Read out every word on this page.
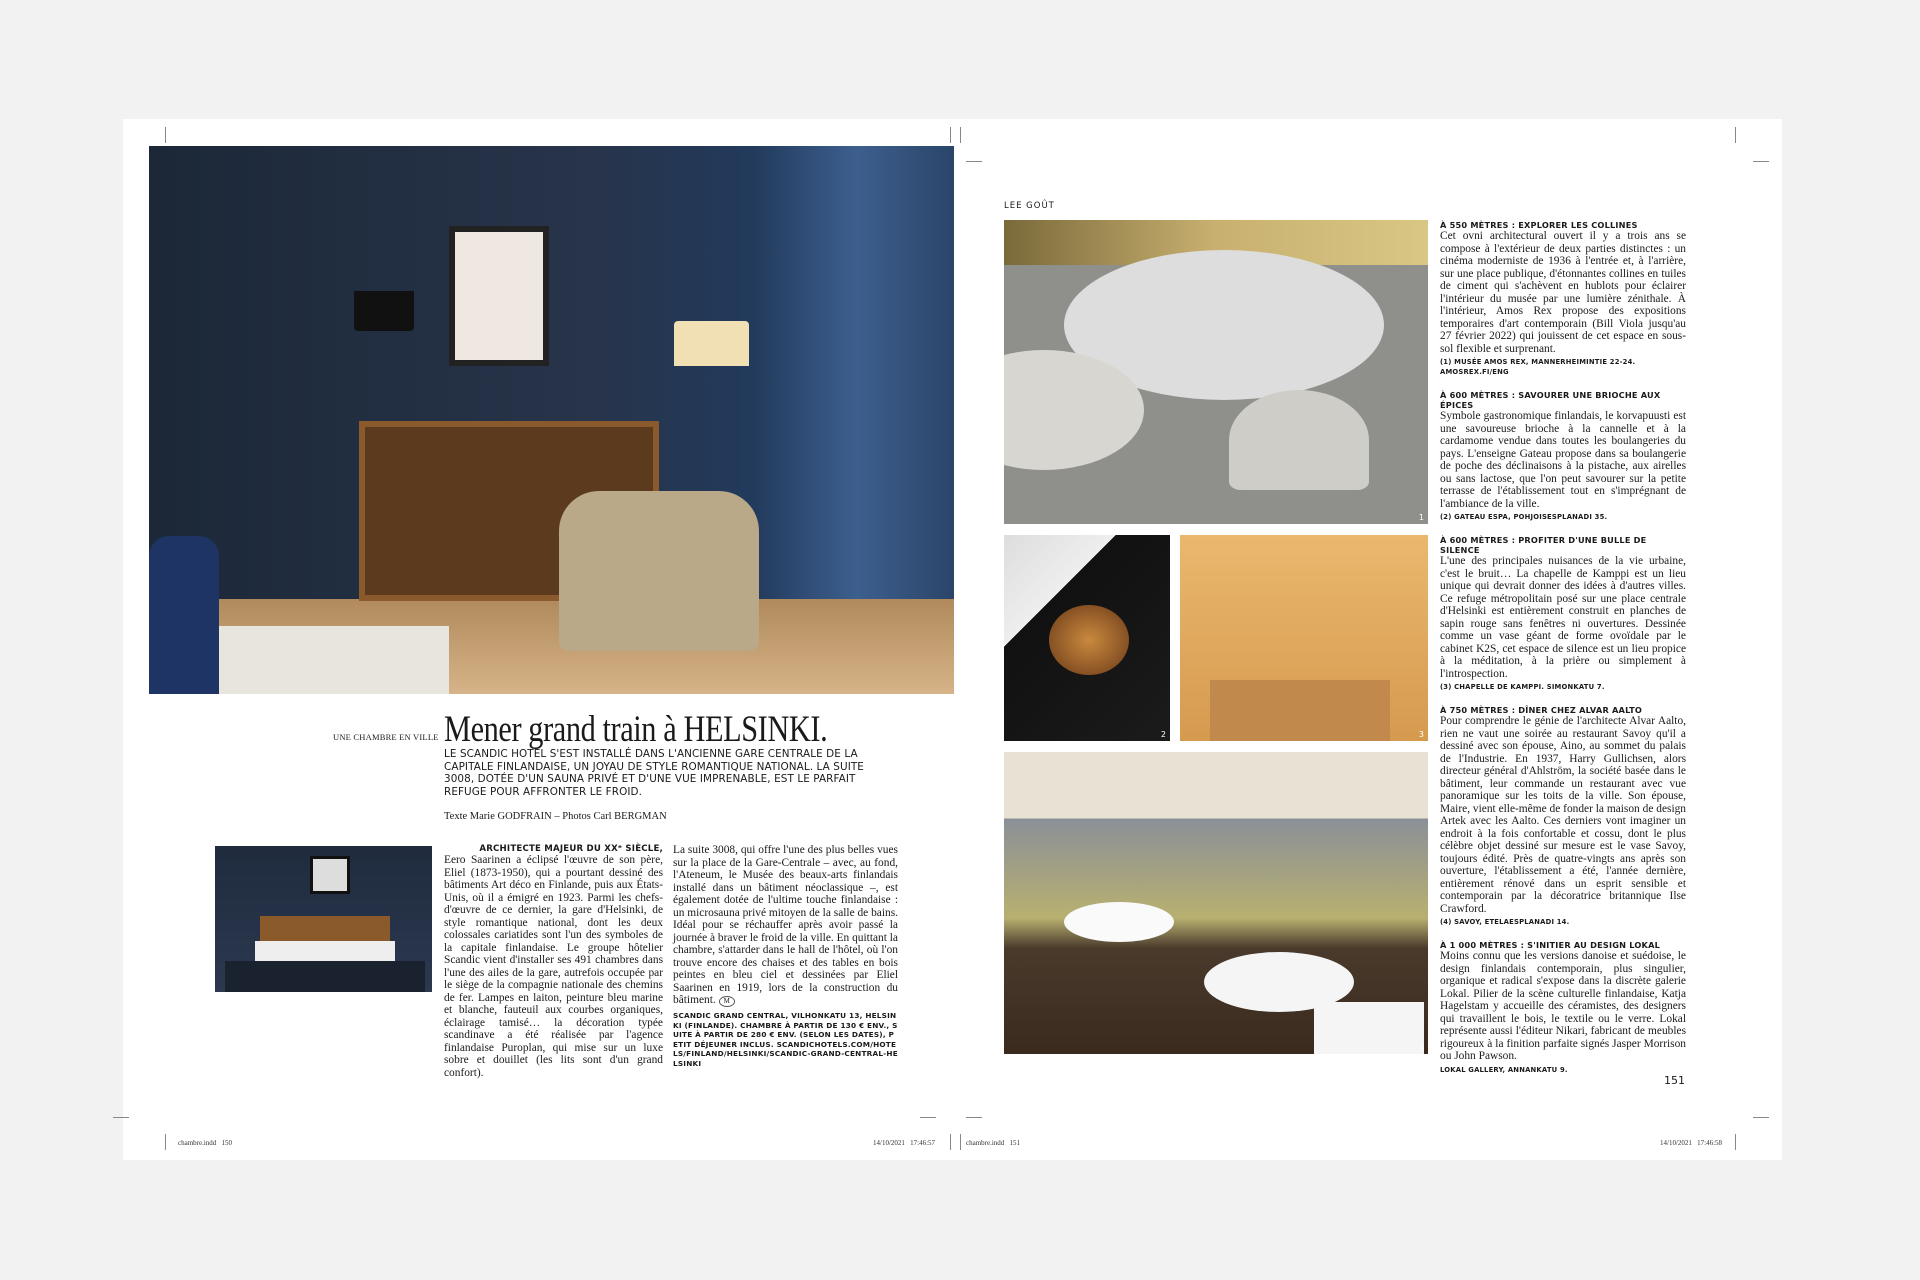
UNE CHAMBRE EN VILLE Mener grand train à HELSINKI.

LE SCANDIC HOTEL S'EST INSTALLÉ DANS L'ANCIENNE GARE CENTRALE DE LA CAPITALE FINLANDAISE, UN JOYAU DE STYLE ROMANTIQUE NATIONAL. LA SUITE 3008, DOTÉE D'UN SAUNA PRIVÉ ET D'UNE VUE IMPRENABLE, EST LE PARFAIT REFUGE POUR AFFRONTER LE FROID.

Texte Marie GODFRAIN – Photos Carl BERGMAN

ARCHITECTE MAJEUR DU XXᵉ SIÈCLE,
Eero Saarinen a éclipsé l'œuvre de son père, Eliel (1873-1950), qui a pourtant dessiné des bâtiments Art déco en Finlande, puis aux États-Unis, où il a émigré en 1923. Parmi les chefs-d'œuvre de ce dernier, la gare d'Helsinki, de style romantique national, dont les deux colossales cariatides sont l'un des symboles de la capitale finlandaise. Le groupe hôtelier Scandic vient d'installer ses 491 chambres dans l'une des ailes de la gare, autrefois occupée par le siège de la compagnie nationale des chemins de fer. Lampes en laiton, peinture bleu marine et blanche, fauteuil aux courbes organiques, éclairage tamisé… la décoration typée scandinave a été réalisée par l'agence finlandaise Puroplan, qui mise sur un luxe sobre et douillet (les lits sont d'un grand confort).

La suite 3008, qui offre l'une des plus belles vues sur la place de la Gare-Centrale – avec, au fond, l'Ateneum, le Musée des beaux-arts finlandais installé dans un bâtiment néoclassique –, est également dotée de l'ultime touche finlandaise : un microsauna privé mitoyen de la salle de bains. Idéal pour se réchauffer après avoir passé la journée à braver le froid de la ville. En quittant la chambre, s'attarder dans le hall de l'hôtel, où l'on trouve encore des chaises et des tables en bois peintes en bleu ciel et dessinées par Eliel Saarinen en 1919, lors de la construction du bâtiment. M

SCANDIC GRAND CENTRAL, VILHONKATU 13, HELSINKI (FINLANDE). CHAMBRE À PARTIR DE 130 € ENV., SUITE À PARTIR DE 280 € ENV. (SELON LES DATES), PETIT DÉJEUNER INCLUS. SCANDICHOTELS.COM/HOTELS/FINLAND/HELSINKI/SCANDIC-GRAND-CENTRAL-HELSINKI

chambre.indd   150	14/10/2021   17:46:57
LEE GOÛT
1
2	3
4
À 550 MÈTRES : EXPLORER LES COLLINES

Cet ovni architectural ouvert il y a trois ans se compose à l'extérieur de deux parties distinctes : un cinéma moderniste de 1936 à l'entrée et, à l'arrière, sur une place publique, d'étonnantes collines en tuiles de ciment qui s'achèvent en hublots pour éclairer l'intérieur du musée par une lumière zénithale. À l'intérieur, Amos Rex propose des expositions temporaires d'art contemporain (Bill Viola jusqu'au 27 février 2022) qui jouissent de cet espace en sous-sol flexible et surprenant.

(1) MUSÉE AMOS REX, MANNERHEIMINTIE 22-24. AMOSREX.FI/ENG
À 600 MÈTRES : SAVOURER UNE BRIOCHE AUX ÉPICES

Symbole gastronomique finlandais, le korvapuusti est une savoureuse brioche à la cannelle et à la cardamome vendue dans toutes les boulangeries du pays. L'enseigne Gateau propose dans sa boulangerie de poche des déclinaisons à la pistache, aux airelles ou sans lactose, que l'on peut savourer sur la petite terrasse de l'établissement tout en s'imprégnant de l'ambiance de la ville.

(2) GATEAU ESPA, POHJOISESPLANADI 35.
À 600 MÈTRES : PROFITER D'UNE BULLE DE SILENCE

L'une des principales nuisances de la vie urbaine, c'est le bruit… La chapelle de Kamppi est un lieu unique qui devrait donner des idées à d'autres villes. Ce refuge métropolitain posé sur une place centrale d'Helsinki est entièrement construit en planches de sapin rouge sans fenêtres ni ouvertures. Dessinée comme un vase géant de forme ovoïdale par le cabinet K2S, cet espace de silence est un lieu propice à la méditation, à la prière ou simplement à l'introspection.

(3) CHAPELLE DE KAMPPI. SIMONKATU 7.
À 750 MÈTRES : DÎNER CHEZ ALVAR AALTO

Pour comprendre le génie de l'architecte Alvar Aalto, rien ne vaut une soirée au restaurant Savoy qu'il a dessiné avec son épouse, Aino, au sommet du palais de l'Industrie. En 1937, Harry Gullichsen, alors directeur général d'Ahlström, la société basée dans le bâtiment, leur commande un restaurant avec vue panoramique sur les toits de la ville. Son épouse, Maire, vient elle-même de fonder la maison de design Artek avec les Aalto. Ces derniers vont imaginer un endroit à la fois confortable et cossu, dont le plus célèbre objet dessiné sur mesure est le vase Savoy, toujours édité. Près de quatre-vingts ans après son ouverture, l'établissement a été, l'année dernière, entièrement rénové dans un esprit sensible et contemporain par la décoratrice britannique Ilse Crawford.

(4) SAVOY, ETELAESPLANADI 14.
À 1 000 MÈTRES : S'INITIER AU DESIGN LOKAL

Moins connu que les versions danoise et suédoise, le design finlandais contemporain, plus singulier, organique et radical s'expose dans la discrète galerie Lokal. Pilier de la scène culturelle finlandaise, Katja Hagelstam y accueille des céramistes, des designers qui travaillent le bois, le textile ou le verre. Lokal représente aussi l'éditeur Nikari, fabricant de meubles rigoureux à la finition parfaite signés Jasper Morrison ou John Pawson.

LOKAL GALLERY, ANNANKATU 9.
151
chambre.indd   151	14/10/2021   17:46:58
